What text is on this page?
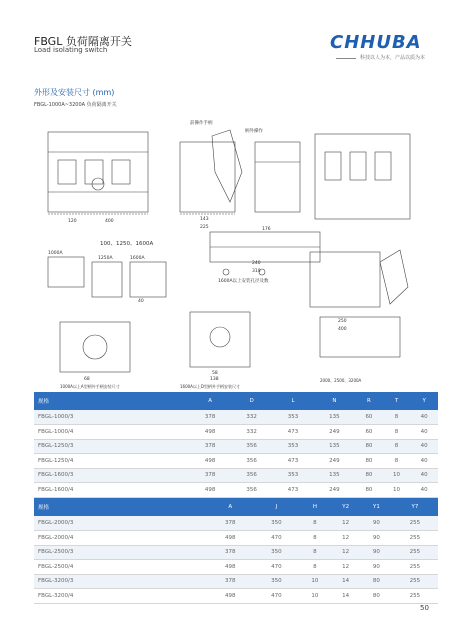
FBGL 负荷隔离开关
Load isolating switch	CHHUBA
科技以人为本，产品以质为本
外形及安装尺寸 (mm)
FBGL-1000A~3200A 负荷隔离开关
前操作手柄
柄外操作
120	400	143
225	176
100、1250、1600A
1000A
1250A	1600A
240
310
1600A以上安装孔径及数
40
250
400
68
58
138
1000A以上A型柄外手柄安装尺寸	1600A以上D型柄外手柄安装尺寸
2000、2500、3200A
规格	A	D	L	N	R	T	Y
FBGL-1000/3	378	332	353	135	60	8	40
FBGL-1000/4	498	332	473	249	60	8	40
FBGL-1250/3	378	356	353	135	80	8	40
FBGL-1250/4	498	356	473	249	80	8	40
FBGL-1600/3	378	356	353	135	80	10	40
FBGL-1600/4	498	356	473	249	80	10	40
规格	A	J	H	Y2	Y1	Y7
FBGL-2000/3	378	350	8	12	90	255
FBGL-2000/4	498	470	8	12	90	255
FBGL-2500/3	378	350	8	12	90	255
FBGL-2500/4	498	470	8	12	90	255
FBGL-3200/3	378	350	10	14	80	255
FBGL-3200/4	498	470	10	14	80	255
50
